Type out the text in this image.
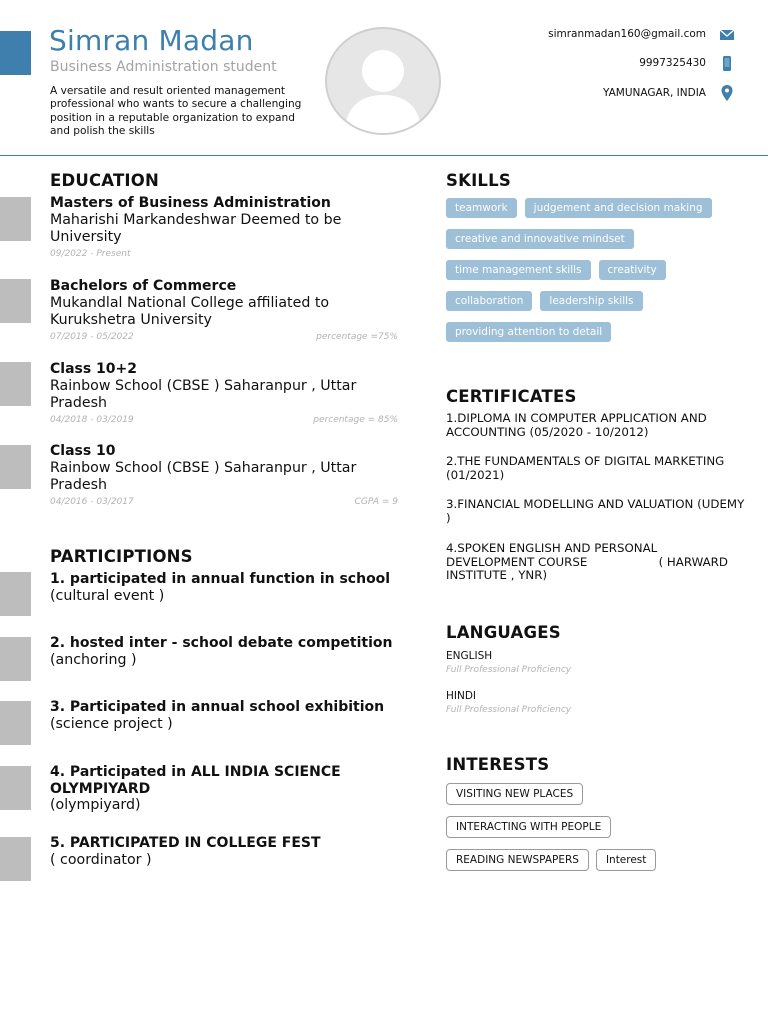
Simran Madan
Business Administration student
A versatile and result oriented management professional who wants to secure a challenging position in a reputable organization to expand and polish the skills
simranmadan160@gmail.com
9997325430
YAMUNAGAR, INDIA
EDUCATION
Masters of Business Administration
Maharishi Markandeshwar Deemed to be University
09/2022 - Present
Bachelors of Commerce
Mukandlal National College affiliated to Kurukshetra University
07/2019 - 05/2022	percentage =75%
Class 10+2
Rainbow School (CBSE ) Saharanpur , Uttar Pradesh
04/2018 - 03/2019	percentage = 85%
Class 10
Rainbow School (CBSE ) Saharanpur , Uttar Pradesh
04/2016 - 03/2017	CGPA = 9
PARTICIPTIONS
1. participated in annual function in school
(cultural event )
2. hosted inter - school debate competition
(anchoring )
3. Participated in annual school exhibition
(science project )
4. Participated in ALL INDIA SCIENCE OLYMPIYARD
(olympiyard)
5. PARTICIPATED IN COLLEGE FEST
( coordinator )
SKILLS
teamwork	judgement and decision making
creative and innovative mindset
time management skills	creativity
collaboration	leadership skills
providing attention to detail
CERTIFICATES
1.DIPLOMA IN COMPUTER APPLICATION AND ACCOUNTING (05/2020 - 10/2012)
2.THE FUNDAMENTALS OF DIGITAL MARKETING (01/2021)
3.FINANCIAL MODELLING AND VALUATION (UDEMY )
4.SPOKEN ENGLISH AND PERSONAL DEVELOPMENT COURSE                   ( HARWARD INSTITUTE , YNR)
LANGUAGES
ENGLISH
Full Professional Proficiency
HINDI
Full Professional Proficiency
INTERESTS
VISITING NEW PLACES
INTERACTING WITH PEOPLE
READING NEWSPAPERS	Interest
